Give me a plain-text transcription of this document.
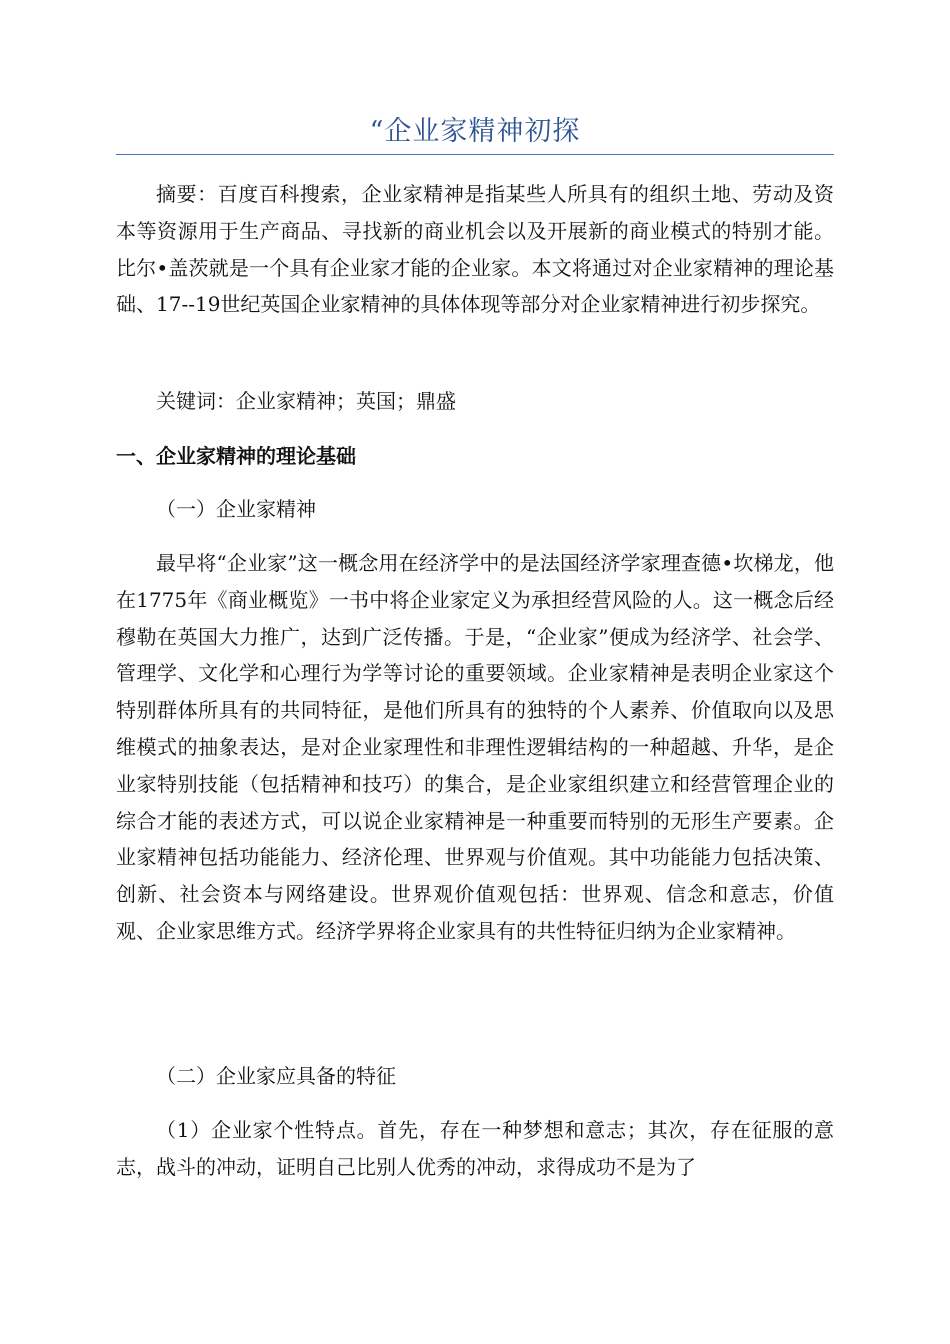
“企业家精神初探

摘要：百度百科搜索，企业家精神是指某些人所具有的组织土地、劳动及资本等资源用于生产商品、寻找新的商业机会以及开展新的商业模式的特别才能。比尔•盖茨就是一个具有企业家才能的企业家。本文将通过对企业家精神的理论基础、17--19世纪英国企业家精神的具体体现等部分对企业家精神进行初步探究。

关键词：企业家精神；英国；鼎盛

一、企业家精神的理论基础

（一）企业家精神

最早将“企业家”这一概念用在经济学中的是法国经济学家理查德•坎梯龙，他在1775年《商业概览》一书中将企业家定义为承担经营风险的人。这一概念后经穆勒在英国大力推广，达到广泛传播。于是，“企业家”便成为经济学、社会学、管理学、文化学和心理行为学等讨论的重要领域。企业家精神是表明企业家这个特别群体所具有的共同特征，是他们所具有的独特的个人素养、价值取向以及思维模式的抽象表达，是对企业家理性和非理性逻辑结构的一种超越、升华，是企业家特别技能（包括精神和技巧）的集合，是企业家组织建立和经营管理企业的综合才能的表述方式，可以说企业家精神是一种重要而特别的无形生产要素。企业家精神包括功能能力、经济伦理、世界观与价值观。其中功能能力包括决策、创新、社会资本与网络建设。世界观价值观包括：世界观、信念和意志，价值观、企业家思维方式。经济学界将企业家具有的共性特征归纳为企业家精神。

（二）企业家应具备的特征

（1）企业家个性特点。首先，存在一种梦想和意志；其次，存在征服的意志，战斗的冲动，证明自己比别人优秀的冲动，求得成功不是为了
